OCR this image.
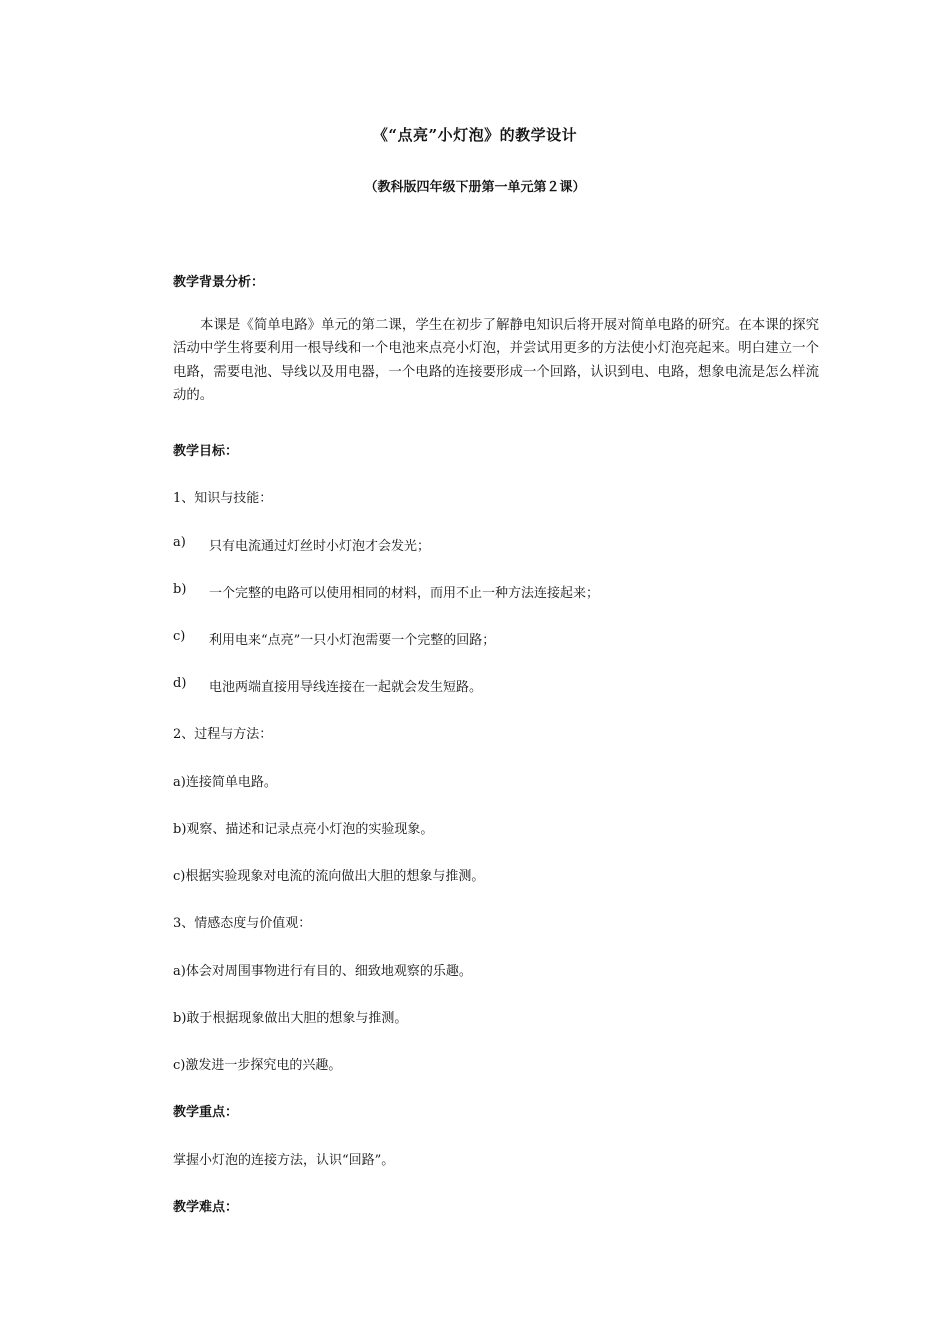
《“点亮”小灯泡》的教学设计
（教科版四年级下册第一单元第２课）
教学背景分析：

本课是《简单电路》单元的第二课，学生在初步了解静电知识后将开展对简单电路的研究。在本课的探究活动中学生将要利用一根导线和一个电池来点亮小灯泡，并尝试用更多的方法使小灯泡亮起来。明白建立一个电路，需要电池、导线以及用电器，一个电路的连接要形成一个回路，认识到电、电路，想象电流是怎么样流动的。

教学目标：
1、知识与技能：
a) 只有电流通过灯丝时小灯泡才会发光；
b) 一个完整的电路可以使用相同的材料，而用不止一种方法连接起来；
c) 利用电来“点亮”一只小灯泡需要一个完整的回路；
d) 电池两端直接用导线连接在一起就会发生短路。
2、过程与方法：
a)连接简单电路。
b)观察、描述和记录点亮小灯泡的实验现象。
c)根据实验现象对电流的流向做出大胆的想象与推测。
3、情感态度与价值观：
a)体会对周围事物进行有目的、细致地观察的乐趣。
b)敢于根据现象做出大胆的想象与推测。
c)激发进一步探究电的兴趣。
教学重点：
掌握小灯泡的连接方法，认识“回路”。
教学难点：
